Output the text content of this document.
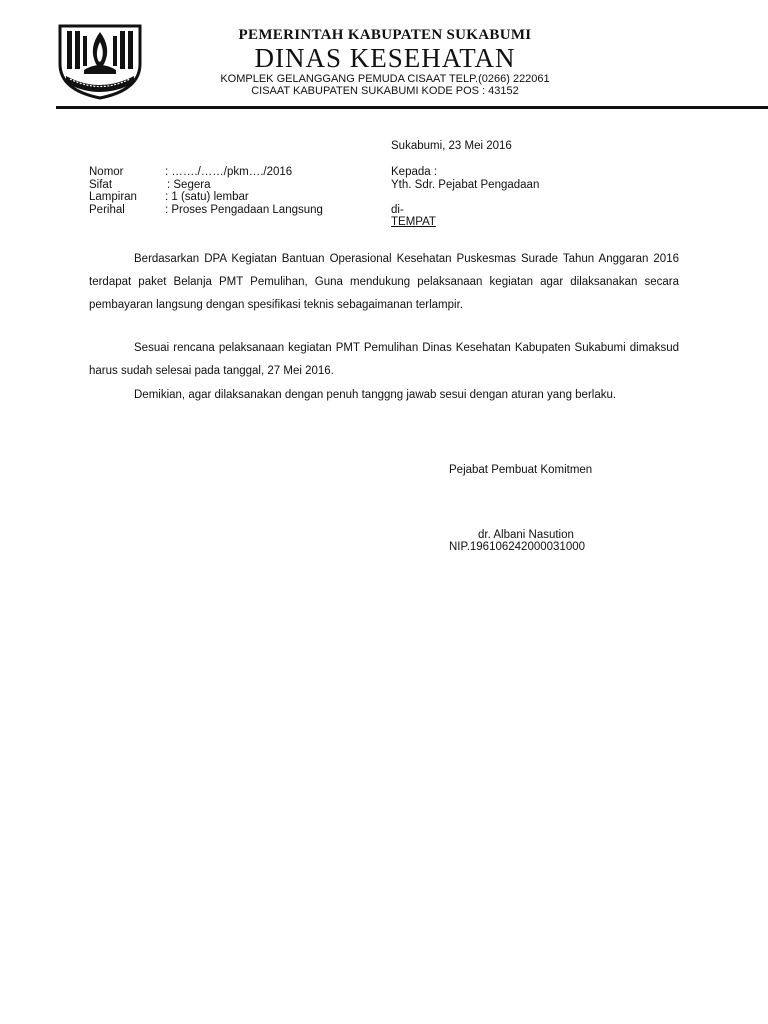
PEMERINTAH KABUPATEN SUKABUMI
DINAS KESEHATAN
KOMPLEK GELANGGANG PEMUDA CISAAT TELP.(0266) 222061
CISAAT KABUPATEN SUKABUMI KODE POS : 43152
Sukabumi, 23 Mei 2016
Nomor	: ……./……/pkm…./2016
Sifat	: Segera
Lampiran : 1 (satu) lembar
Perihal	: Proses Pengadaan Langsung
Kepada :
Yth. Sdr. Pejabat Pengadaan
di-
TEMPAT

Berdasarkan DPA Kegiatan Bantuan Operasional Kesehatan Puskesmas Surade Tahun Anggaran 2016 terdapat paket Belanja PMT Pemulihan, Guna mendukung pelaksanaan kegiatan agar dilaksanakan secara pembayaran langsung dengan spesifikasi teknis sebagaimanan terlampir.

Sesuai rencana pelaksanaan kegiatan PMT Pemulihan Dinas Kesehatan Kabupaten Sukabumi dimaksud harus sudah selesai pada tanggal, 27 Mei 2016.

Demikian, agar dilaksanakan dengan penuh tanggng jawab sesui dengan aturan yang berlaku.

Pejabat Pembuat Komitmen
dr. Albani Nasution
NIP.196106242000031000
